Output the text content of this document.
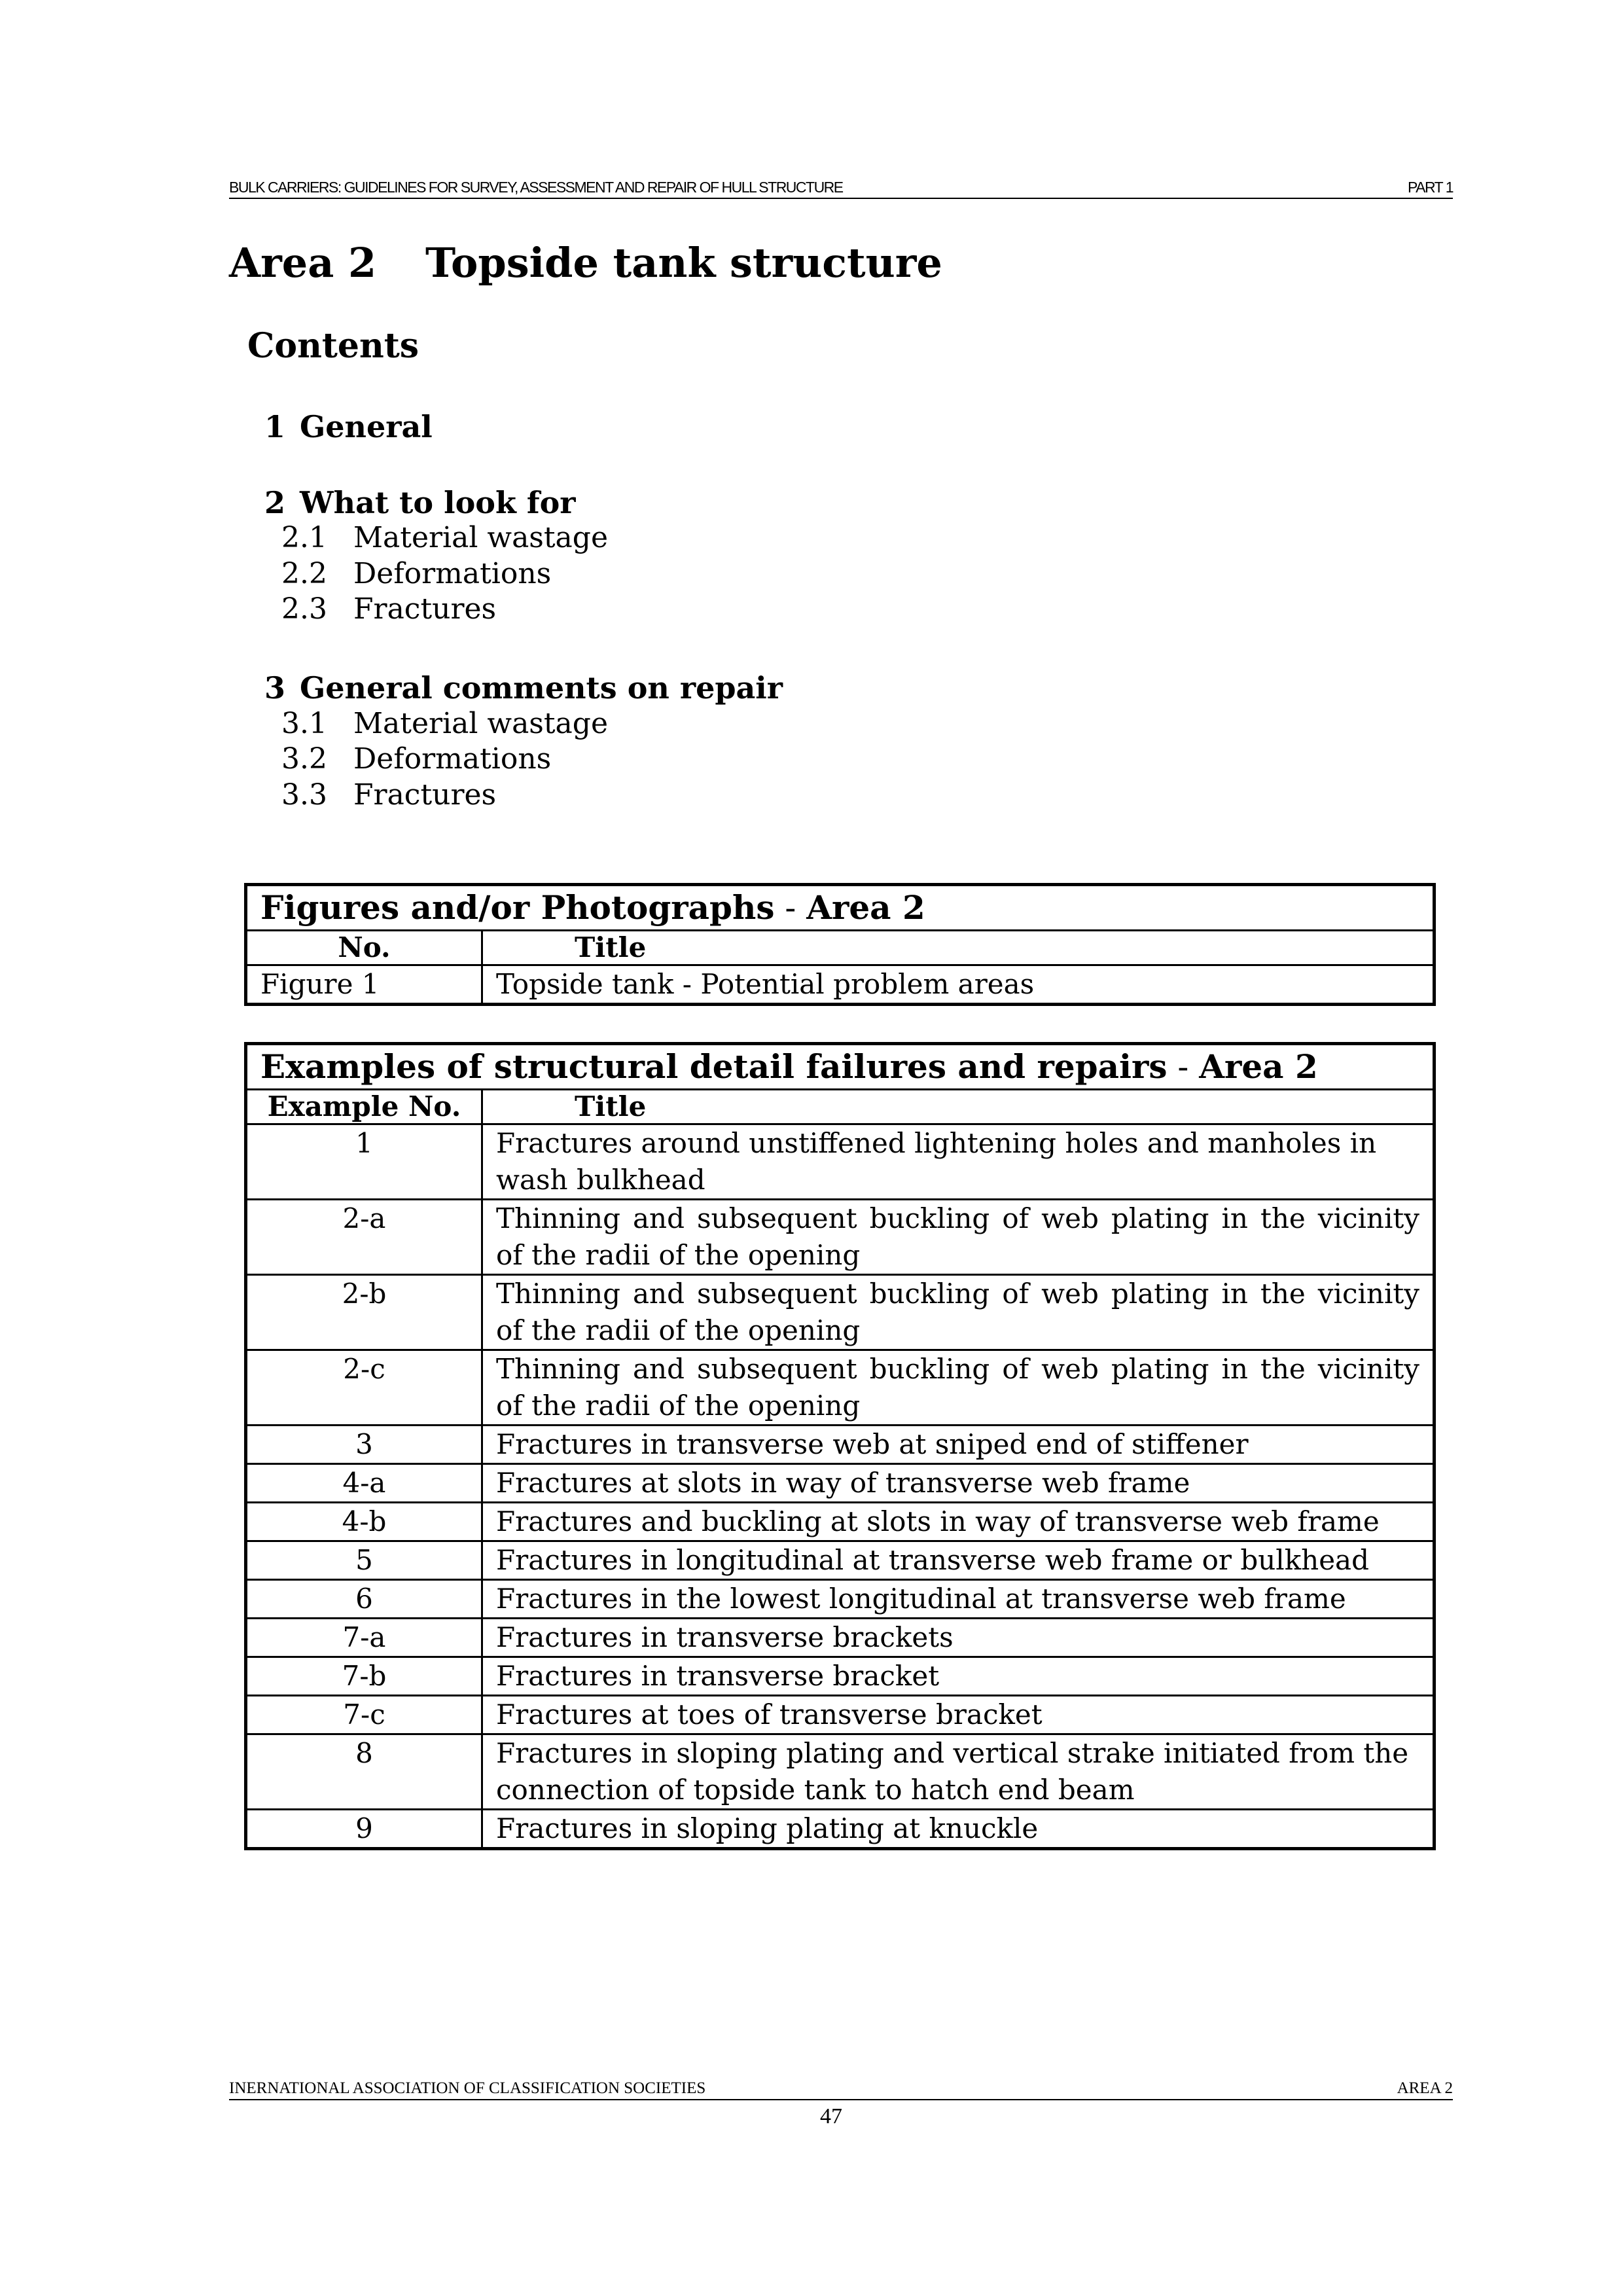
BULK CARRIERS: GUIDELINES FOR SURVEY, ASSESSMENT AND REPAIR OF HULL STRUCTURE	PART 1
Area 2 Topside tank structure
Contents
1 General
2 What to look for
2.1 Material wastage
2.2 Deformations
2.3 Fractures
3 General comments on repair
3.1 Material wastage
3.2 Deformations
3.3 Fractures
Figures and/or Photographs - Area 2	
No.	Title
Figure 1	Topside tank - Potential problem areas
Examples of structural detail failures and repairs - Area 2	
Example No.	Title
1	Fractures around unstiffened lightening holes and manholes in wash bulkhead
2-a	Thinning and subsequent buckling of web plating in the vicinity of the radii of the opening
2-b	Thinning and subsequent buckling of web plating in the vicinity of the radii of the opening
2-c	Thinning and subsequent buckling of web plating in the vicinity of the radii of the opening
3	Fractures in transverse web at sniped end of stiffener
4-a	Fractures at slots in way of transverse web frame
4-b	Fractures and buckling at slots in way of transverse web frame
5	Fractures in longitudinal at transverse web frame or bulkhead
6	Fractures in the lowest longitudinal at transverse web frame
7-a	Fractures in transverse brackets
7-b	Fractures in transverse bracket
7-c	Fractures at toes of transverse bracket
8	Fractures in sloping plating and vertical strake initiated from the connection of topside tank to hatch end beam
9	Fractures in sloping plating at knuckle
INERNATIONAL ASSOCIATION OF CLASSIFICATION SOCIETIES	AREA 2
47
